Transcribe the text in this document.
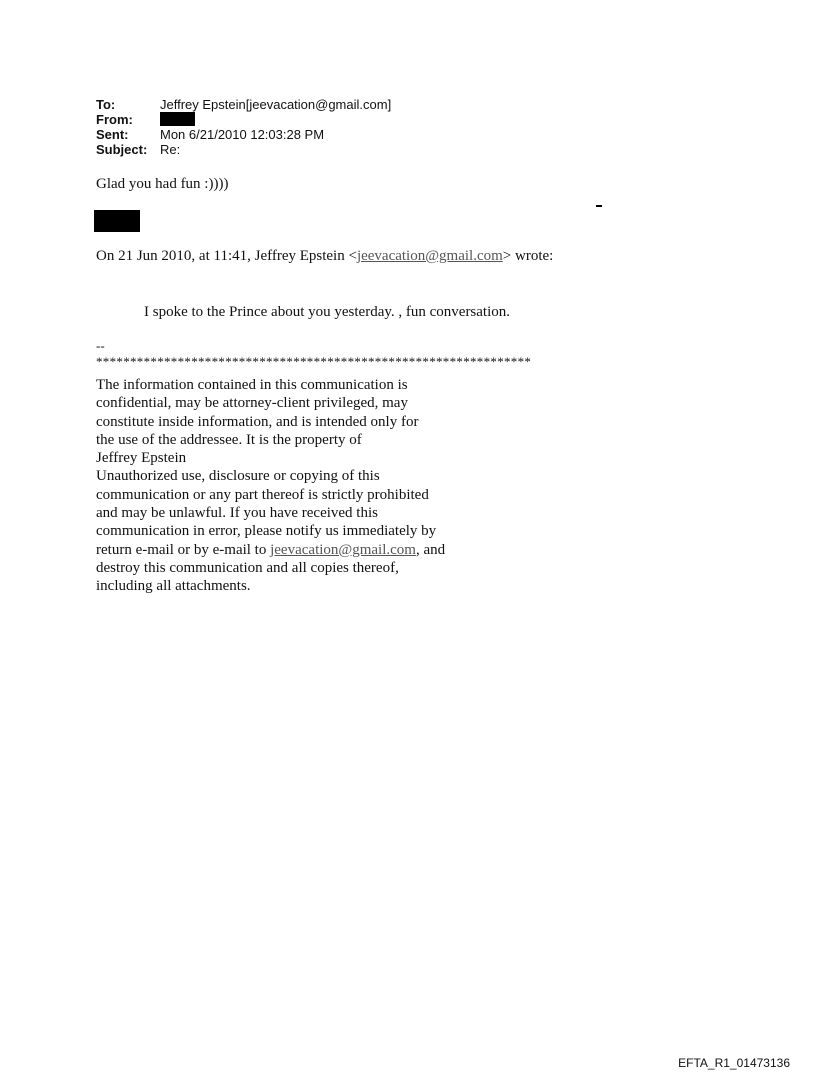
To:	Jeffrey Epstein[jeevacation@gmail.com]
From:
Sent:	Mon 6/21/2010 12:03:28 PM
Subject: Re:
Glad you had fun :))))
On 21 Jun 2010, at 11:41, Jeffrey Epstein <jeevacation@gmail.com> wrote:
I spoke to the Prince about you yesterday. , fun conversation.
--
****************************************************************
The information contained in this communication is
confidential, may be attorney-client privileged, may
constitute inside information, and is intended only for
the use of the addressee. It is the property of
Jeffrey Epstein
Unauthorized use, disclosure or copying of this
communication or any part thereof is strictly prohibited
and may be unlawful. If you have received this
communication in error, please notify us immediately by
return e-mail or by e-mail to jeevacation@gmail.com, and
destroy this communication and all copies thereof,
including all attachments.
EFTA_R1_01473136
